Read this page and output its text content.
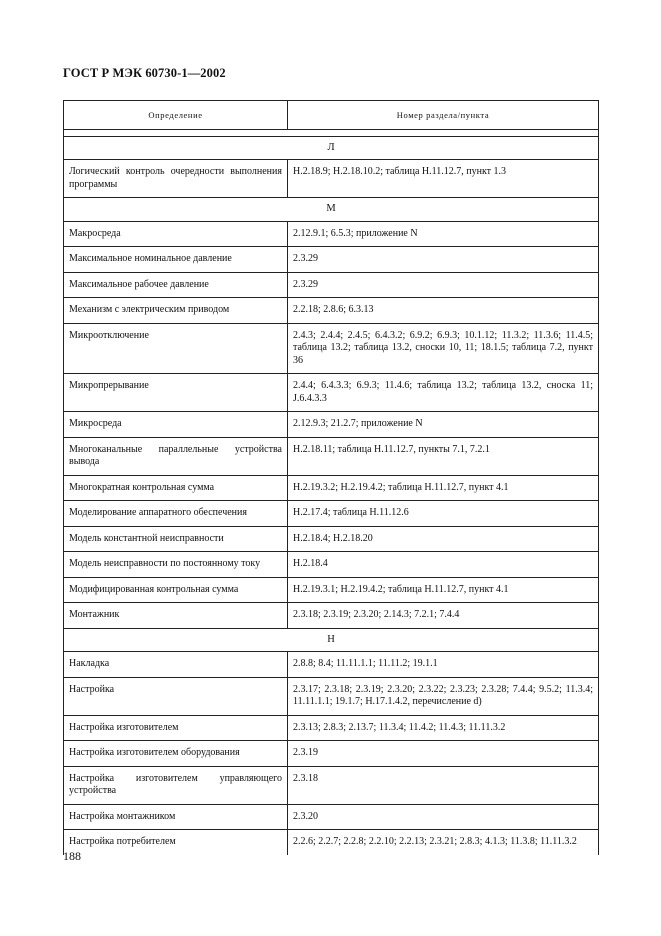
ГОСТ Р МЭК 60730-1—2002
Определение	Номер раздела/пункта

Л	
Логический контроль очередности выполнения программы	H.2.18.9; H.2.18.10.2; таблица Н.11.12.7, пункт 1.3
М	
Макросреда	2.12.9.1; 6.5.3; приложение N
Максимальное номинальное давление	2.3.29
Максимальное рабочее давление	2.3.29
Механизм с электрическим приводом	2.2.18; 2.8.6; 6.3.13
Микроотключение	2.4.3; 2.4.4; 2.4.5; 6.4.3.2; 6.9.2; 6.9.3; 10.1.12; 11.3.2; 11.3.6; 11.4.5; таблица 13.2; таблица 13.2, сноски 10, 11; 18.1.5; таблица 7.2, пункт 36
Микропрерывание	2.4.4; 6.4.3.3; 6.9.3; 11.4.6; таблица 13.2; таблица 13.2, сноска 11; J.6.4.3.3
Микросреда	2.12.9.3; 21.2.7; приложение N
Многоканальные параллельные устройства вывода	H.2.18.11; таблица Н.11.12.7, пункты 7.1, 7.2.1
Многократная контрольная сумма	H.2.19.3.2; H.2.19.4.2; таблица Н.11.12.7, пункт 4.1
Моделирование аппаратного обеспечения	H.2.17.4; таблица Н.11.12.6
Модель константной неисправности	H.2.18.4; H.2.18.20
Модель неисправности по постоянному току	H.2.18.4
Модифицированная контрольная сумма	H.2.19.3.1; H.2.19.4.2; таблица Н.11.12.7, пункт 4.1
Монтажник	2.3.18; 2.3.19; 2.3.20; 2.14.3; 7.2.1; 7.4.4
Н	
Накладка	2.8.8; 8.4; 11.11.1.1; 11.11.2; 19.1.1
Настройка	2.3.17; 2.3.18; 2.3.19; 2.3.20; 2.3.22; 2.3.23; 2.3.28; 7.4.4; 9.5.2; 11.3.4; 11.11.1.1; 19.1.7; H.17.1.4.2, перечисление d)
Настройка изготовителем	2.3.13; 2.8.3; 2.13.7; 11.3.4; 11.4.2; 11.4.3; 11.11.3.2
Настройка изготовителем оборудования	2.3.19
Настройка изготовителем управляющего устройства	2.3.18
Настройка монтажником	2.3.20
Настройка потребителем	2.2.6; 2.2.7; 2.2.8; 2.2.10; 2.2.13; 2.3.21; 2.8.3; 4.1.3; 11.3.8; 11.11.3.2
188
